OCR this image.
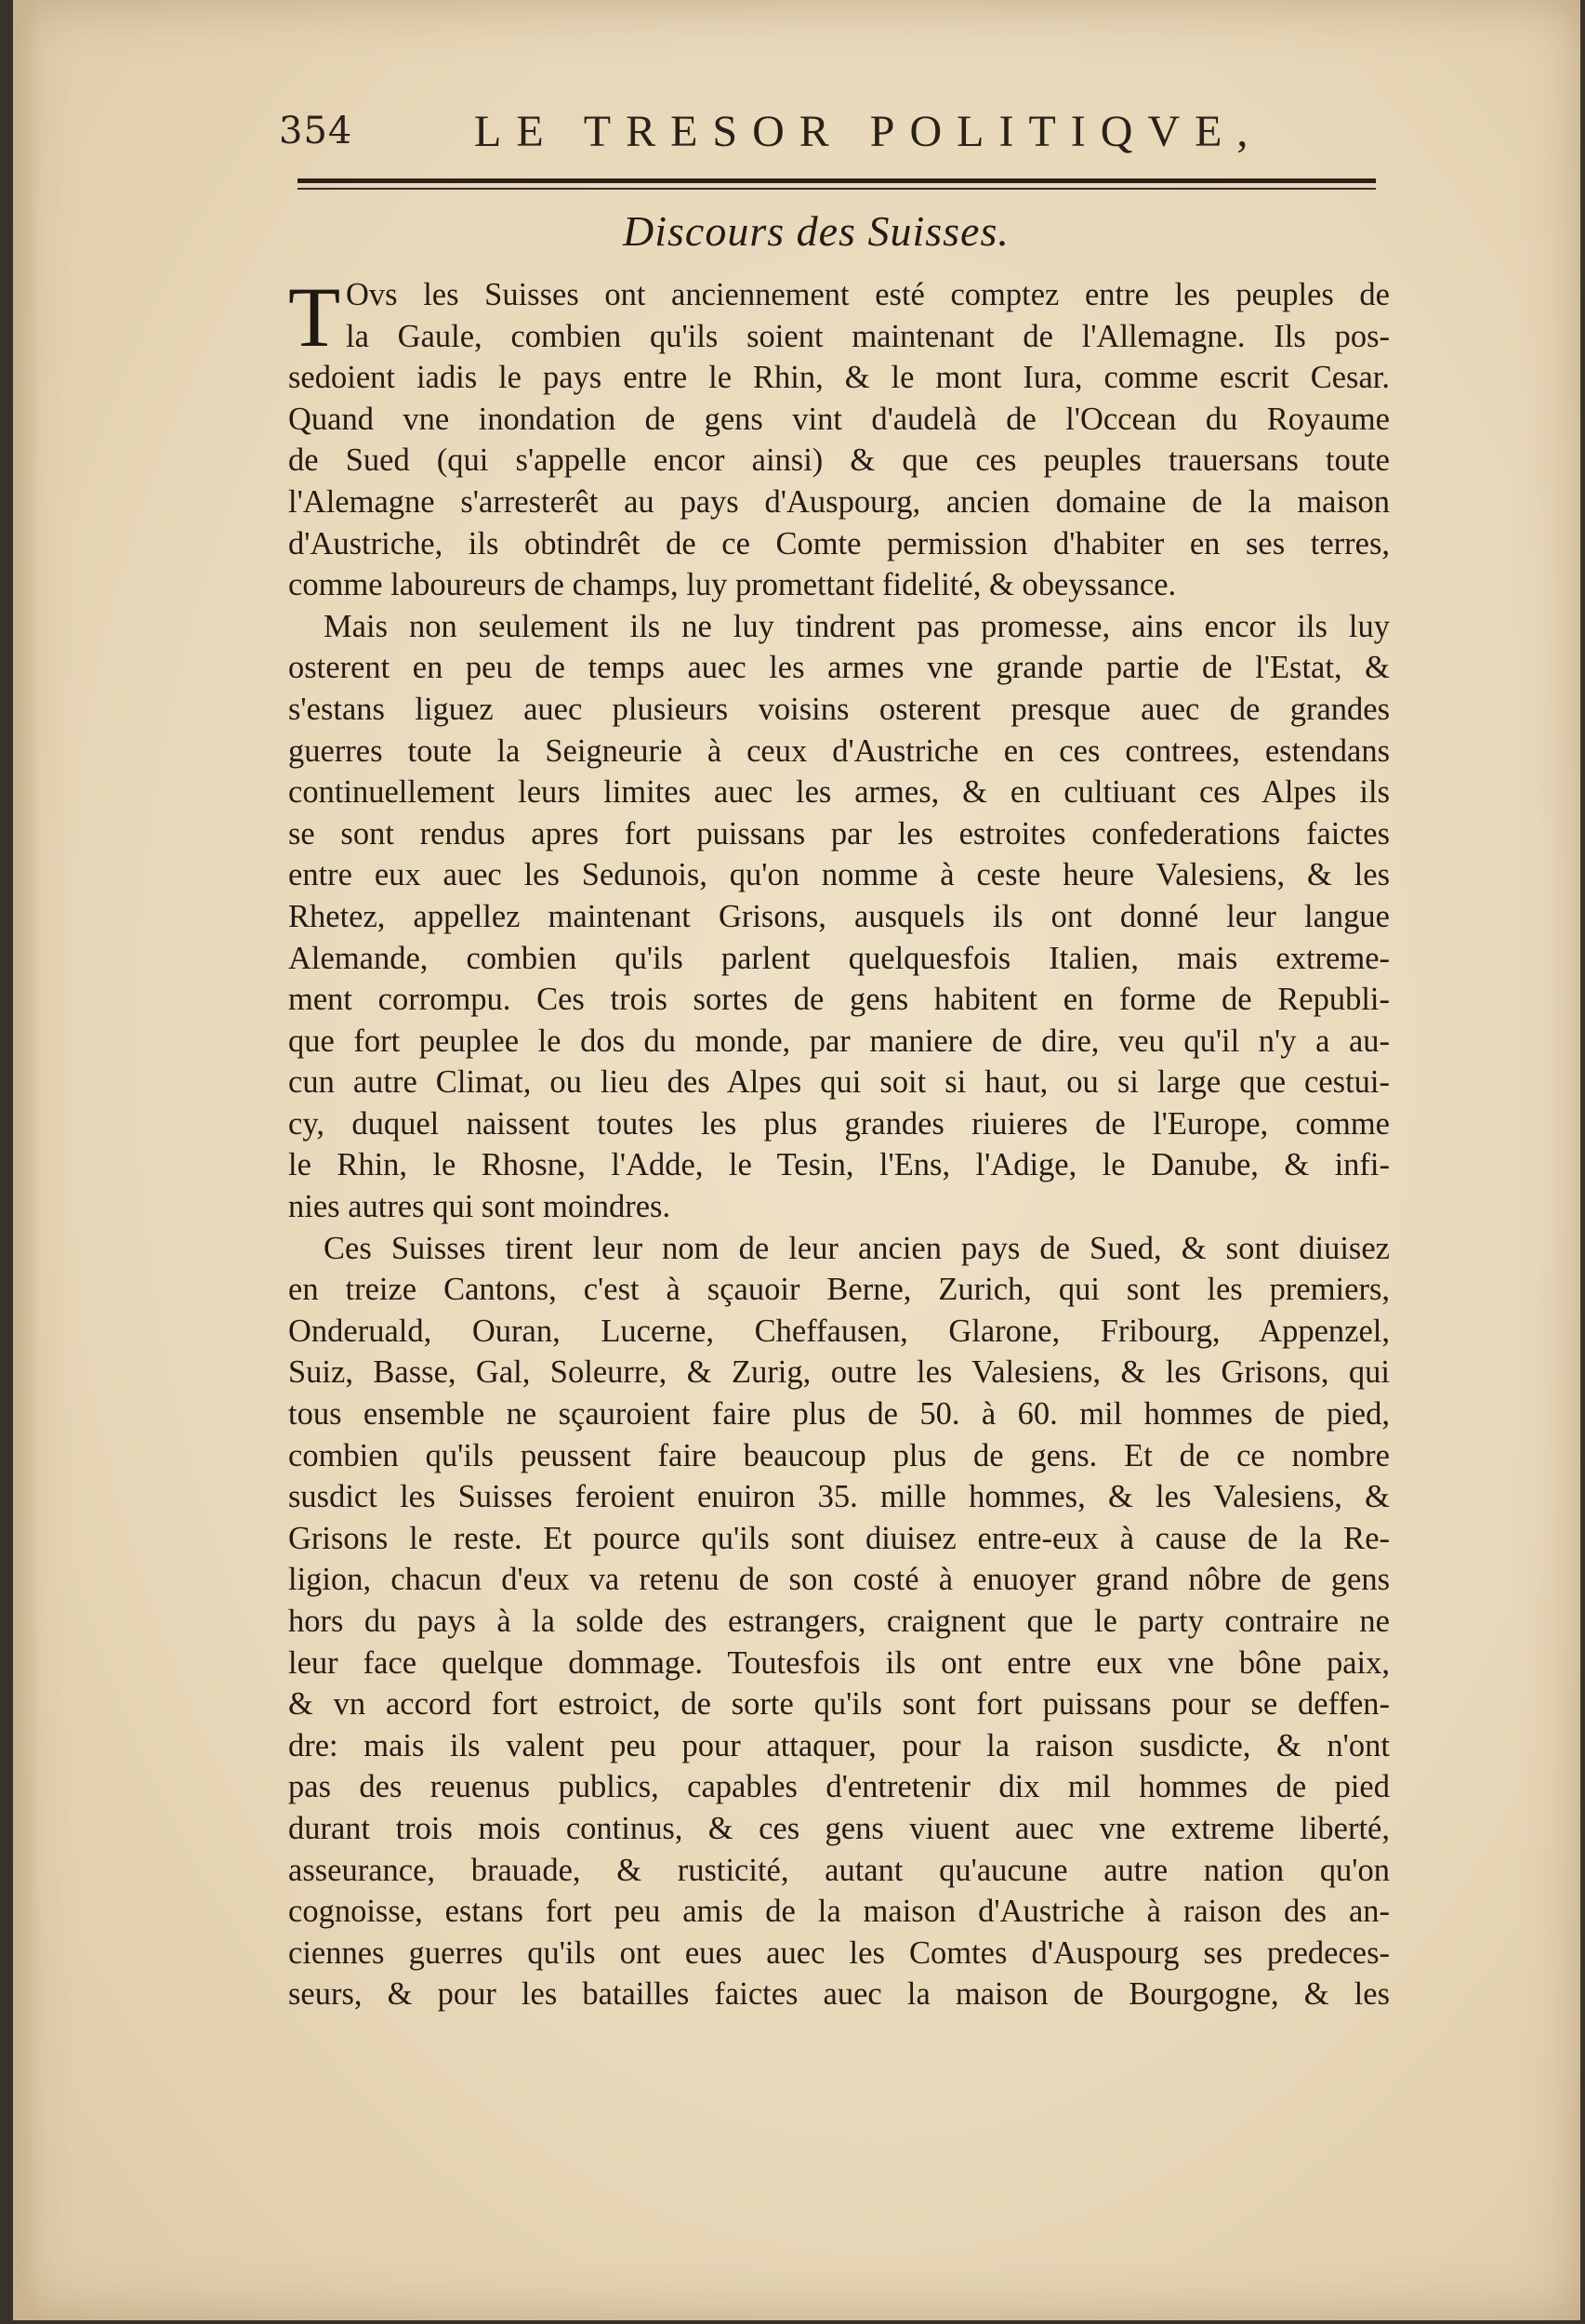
354	LE TRESOR POLITIQVE,
Discours des Suisses.
T Ovs les Suisses ont anciennement esté comptez entre les peuples de
la Gaule, combien qu'ils soient maintenant de l'Allemagne. Ils pos-
sedoient iadis le pays entre le Rhin, & le mont Iura, comme escrit Cesar.
Quand vne inondation de gens vint d'audelà de l'Occean du Royaume
de Sued (qui s'appelle encor ainsi) & que ces peuples trauersans toute
l'Alemagne s'arresterêt au pays d'Auspourg, ancien domaine de la maison
d'Austriche, ils obtindrêt de ce Comte permission d'habiter en ses terres,
comme laboureurs de champs, luy promettant fidelité, & obeyssance.
Mais non seulement ils ne luy tindrent pas promesse, ains encor ils luy
osterent en peu de temps auec les armes vne grande partie de l'Estat, &
s'estans liguez auec plusieurs voisins osterent presque auec de grandes
guerres toute la Seigneurie à ceux d'Austriche en ces contrees, estendans
continuellement leurs limites auec les armes, & en cultiuant ces Alpes ils
se sont rendus apres fort puissans par les estroites confederations faictes
entre eux auec les Sedunois, qu'on nomme à ceste heure Valesiens, & les
Rhetez, appellez maintenant Grisons, ausquels ils ont donné leur langue
Alemande, combien qu'ils parlent quelquesfois Italien, mais extreme-
ment corrompu. Ces trois sortes de gens habitent en forme de Republi-
que fort peuplee le dos du monde, par maniere de dire, veu qu'il n'y a au-
cun autre Climat, ou lieu des Alpes qui soit si haut, ou si large que cestui-
cy, duquel naissent toutes les plus grandes riuieres de l'Europe, comme
le Rhin, le Rhosne, l'Adde, le Tesin, l'Ens, l'Adige, le Danube, & infi-
nies autres qui sont moindres.
Ces Suisses tirent leur nom de leur ancien pays de Sued, & sont diuisez
en treize Cantons, c'est à sçauoir Berne, Zurich, qui sont les premiers,
Onderuald, Ouran, Lucerne, Cheffausen, Glarone, Fribourg, Appenzel,
Suiz, Basse, Gal, Soleurre, & Zurig, outre les Valesiens, & les Grisons, qui
tous ensemble ne sçauroient faire plus de 50. à 60. mil hommes de pied,
combien qu'ils peussent faire beaucoup plus de gens. Et de ce nombre
susdict les Suisses feroient enuiron 35. mille hommes, & les Valesiens, &
Grisons le reste. Et pource qu'ils sont diuisez entre-eux à cause de la Re-
ligion, chacun d'eux va retenu de son costé à enuoyer grand nôbre de gens
hors du pays à la solde des estrangers, craignent que le party contraire ne
leur face quelque dommage. Toutesfois ils ont entre eux vne bône paix,
& vn accord fort estroict, de sorte qu'ils sont fort puissans pour se deffen-
dre: mais ils valent peu pour attaquer, pour la raison susdicte, & n'ont
pas des reuenus publics, capables d'entretenir dix mil hommes de pied
durant trois mois continus, & ces gens viuent auec vne extreme liberté,
asseurance, brauade, & rusticité, autant qu'aucune autre nation qu'on
cognoisse, estans fort peu amis de la maison d'Austriche à raison des an-
ciennes guerres qu'ils ont eues auec les Comtes d'Auspourg ses predeces-
seurs, & pour les batailles faictes auec la maison de Bourgogne, & les
